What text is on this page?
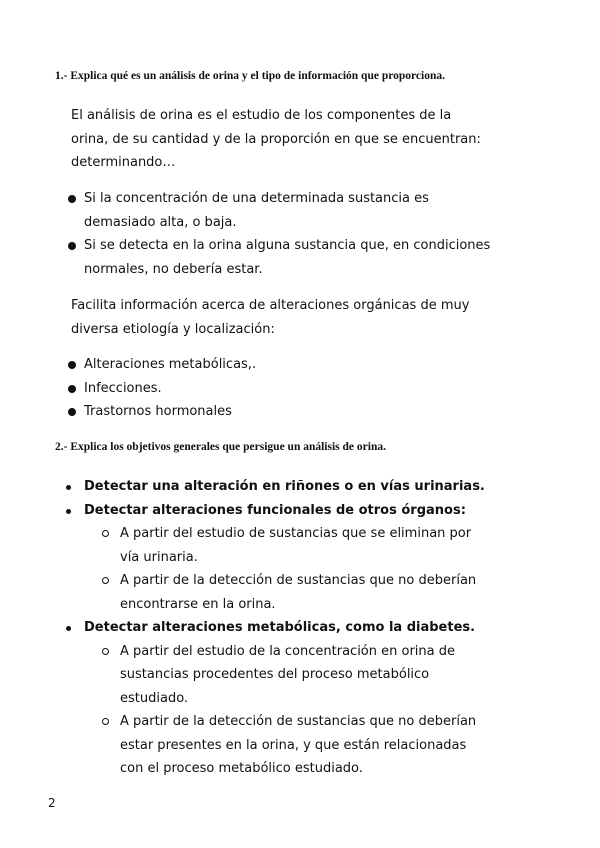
1.- Explica qué es un análisis de orina y el tipo de información que proporciona.

El análisis de orina es el estudio de los componentes de la orina, de su cantidad y de la proporción en que se encuentran: determinando…

Si la concentración de una determinada sustancia es demasiado alta, o baja.
Si se detecta en la orina alguna sustancia que, en condiciones normales, no debería estar.

Facilita información acerca de alteraciones orgánicas de muy diversa etiología y localización:

Alteraciones metabólicas,.
Infecciones.
Trastornos hormonales
2.- Explica los objetivos generales que persigue un análisis de orina.
Detectar una alteración en riñones o en vías urinarias.
Detectar alteraciones funcionales de otros órganos:
A partir del estudio de sustancias que se eliminan por vía urinaria.
A partir de la detección de sustancias que no deberían encontrarse en la orina.
Detectar alteraciones metabólicas, como la diabetes.
A partir del estudio de la concentración en orina de sustancias procedentes del proceso metabólico estudiado.
A partir de la detección de sustancias que no deberían estar presentes en la orina, y que están relacionadas con el proceso metabólico estudiado.
2
